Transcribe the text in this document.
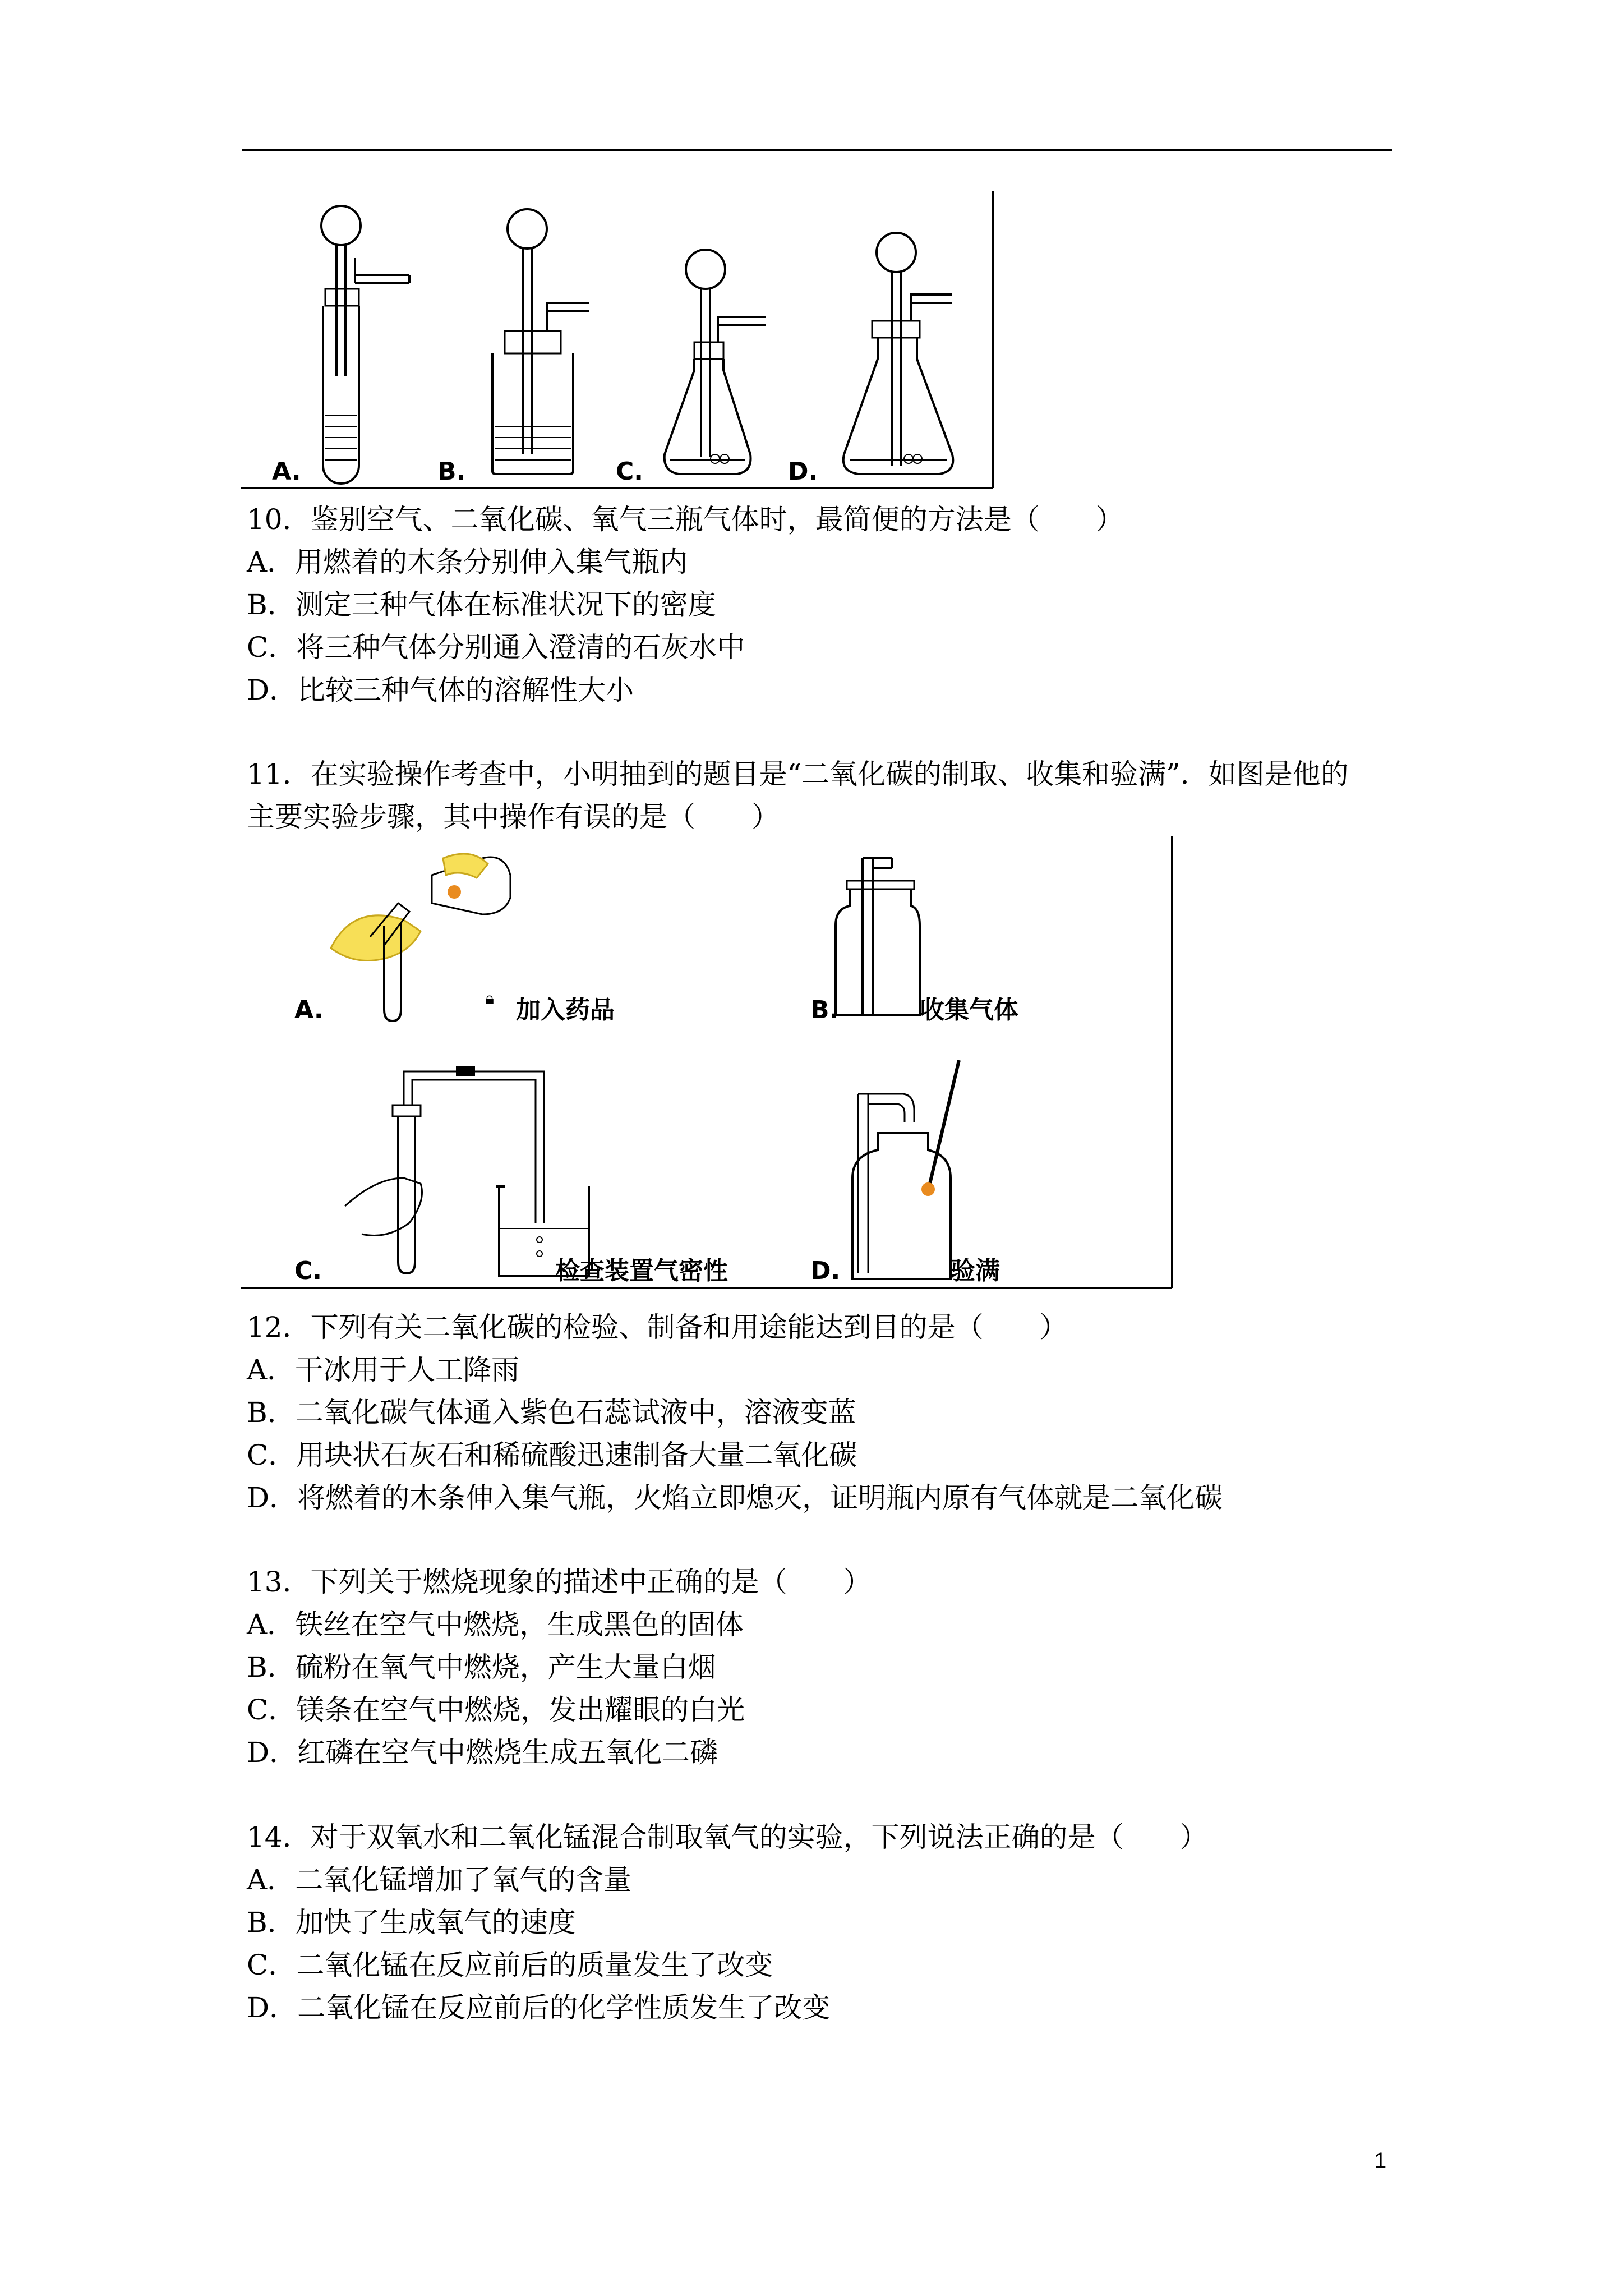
A.	B.	C.	D.

10．鉴别空气、二氧化碳、氧气三瓶气体时，最简便的方法是（　　）

A．用燃着的木条分别伸入集气瓶内

B．测定三种气体在标准状况下的密度

C．将三种气体分别通入澄清的石灰水中

D．比较三种气体的溶解性大小

11．在实验操作考查中，小明抽到的题目是“二氧化碳的制取、收集和验满”．如图是他的

主要实验步骤，其中操作有误的是（　　）

A.	🔒︎ 加入药品	B.	收集气体
C.	检查装置气密性	D.	验满

12．下列有关二氧化碳的检验、制备和用途能达到目的是（　　）

A．干冰用于人工降雨

B．二氧化碳气体通入紫色石蕊试液中，溶液变蓝

C．用块状石灰石和稀硫酸迅速制备大量二氧化碳

D．将燃着的木条伸入集气瓶，火焰立即熄灭，证明瓶内原有气体就是二氧化碳

13．下列关于燃烧现象的描述中正确的是（　　）

A．铁丝在空气中燃烧，生成黑色的固体

B．硫粉在氧气中燃烧，产生大量白烟

C．镁条在空气中燃烧，发出耀眼的白光

D．红磷在空气中燃烧生成五氧化二磷

14．对于双氧水和二氧化锰混合制取氧气的实验，下列说法正确的是（　　）

A．二氧化锰增加了氧气的含量

B．加快了生成氧气的速度

C．二氧化锰在反应前后的质量发生了改变

D．二氧化锰在反应前后的化学性质发生了改变

1
